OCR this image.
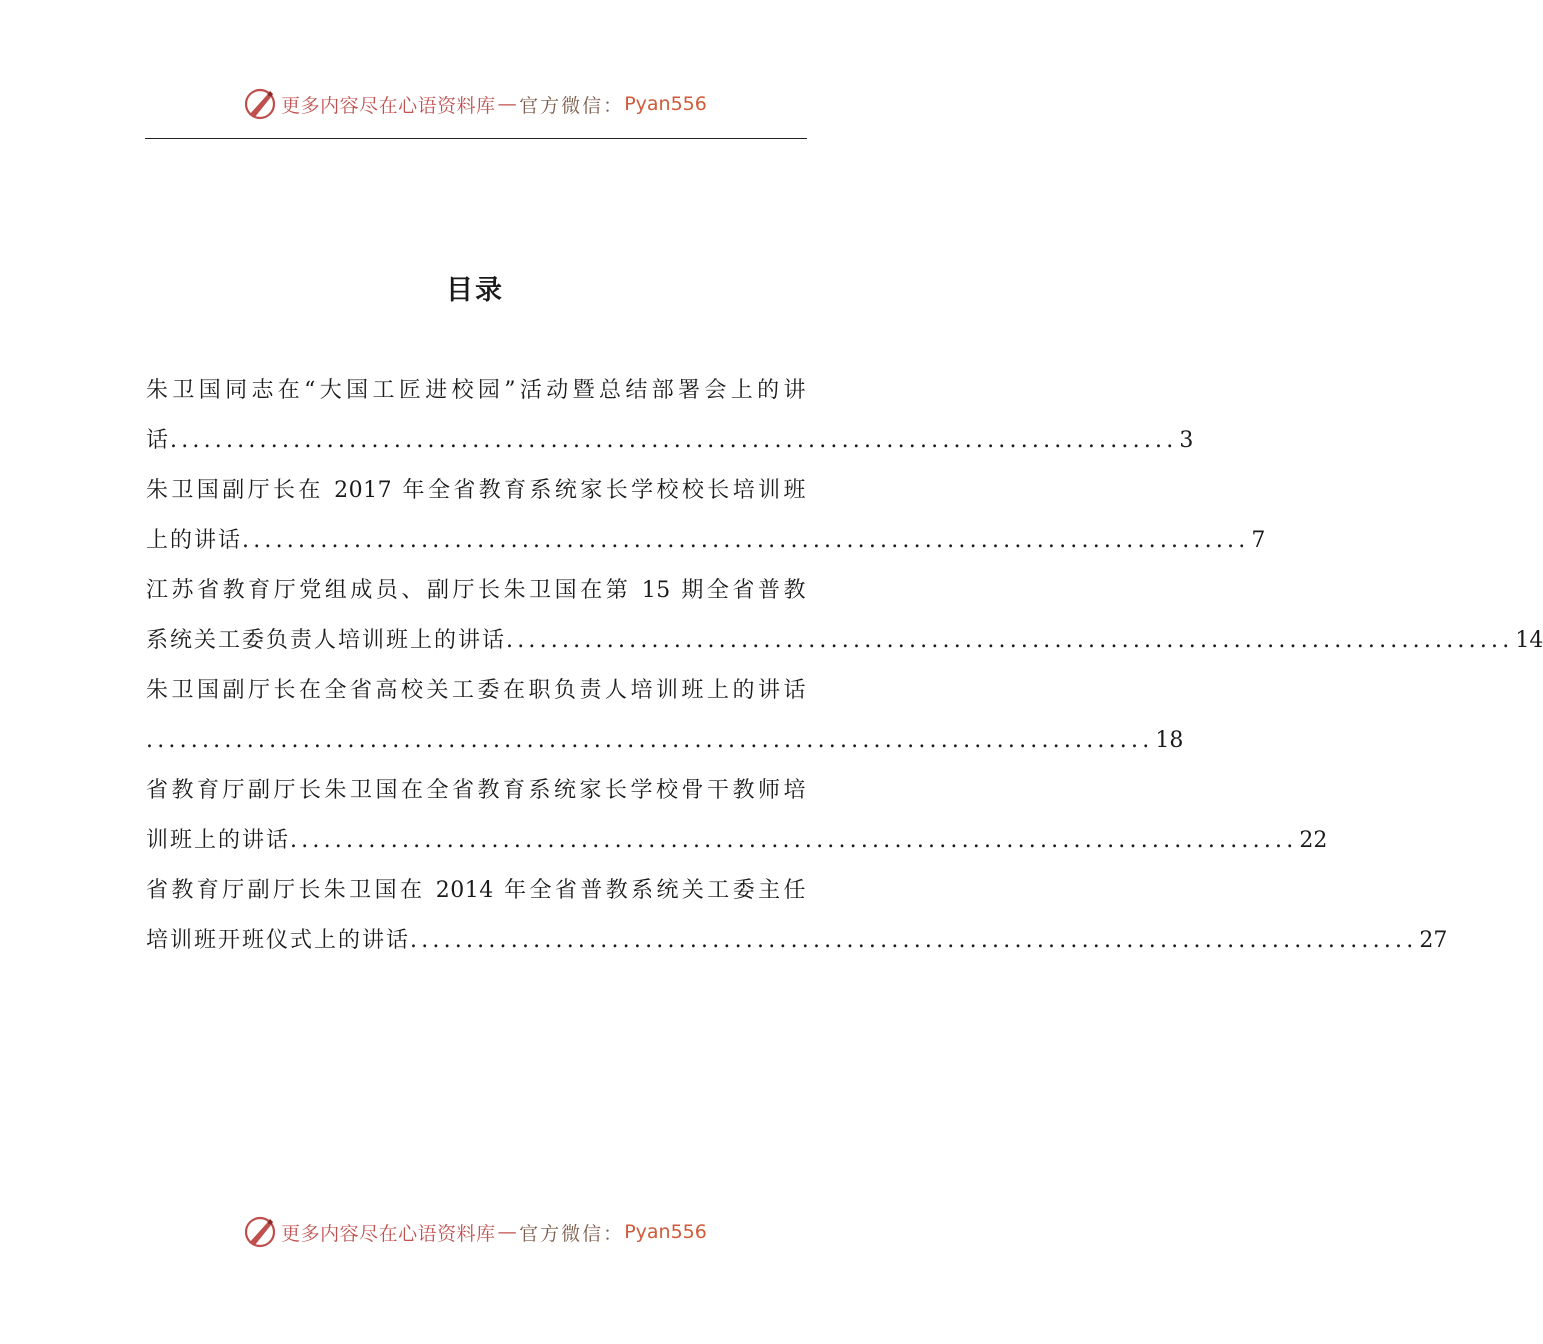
更多内容尽在心语资料库 — 官方微信： Pyan556
目录
朱卫国同志在“大国工匠进校园”活动暨总结部署会上的讲
话 .......................................................................................... 3
朱卫国副厅长在 2017 年全省教育系统家长学校校长培训班
上的讲话 .......................................................................................... 7
江苏省教育厅党组成员、副厅长朱卫国在第 15 期全省普教
系统关工委负责人培训班上的讲话 .......................................................................................... 14
朱卫国副厅长在全省高校关工委在职负责人培训班上的讲话
.......................................................................................... 18
省教育厅副厅长朱卫国在全省教育系统家长学校骨干教师培
训班上的讲话 .......................................................................................... 22
省教育厅副厅长朱卫国在 2014 年全省普教系统关工委主任
培训班开班仪式上的讲话 .......................................................................................... 27
更多内容尽在心语资料库 — 官方微信： Pyan556
